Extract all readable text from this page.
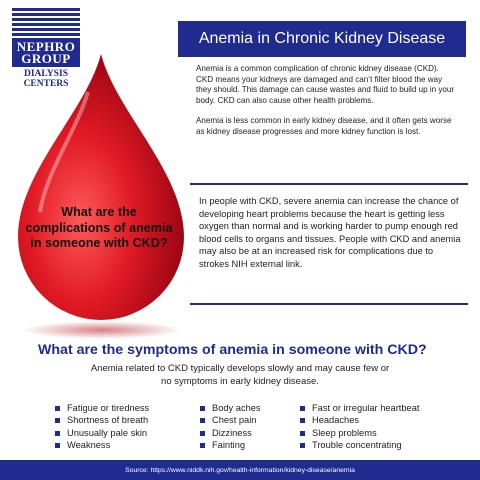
NEPHRO GROUP
DIALYSIS CENTERS
Anemia in Chronic Kidney Disease

Anemia is a common complication of chronic kidney disease (CKD). CKD means your kidneys are damaged and can’t filter blood the way they should. This damage can cause wastes and fluid to build up in your body. CKD can also cause other health problems.

Anemia is less common in early kidney disease, and it often gets worse as kidney disease progresses and more kidney function is lost.

What are the complications of anemia in someone with CKD?
In people with CKD, severe anemia can increase the chance of developing heart problems because the heart is getting less oxygen than normal and is working harder to pump enough red blood cells to organs and tissues. People with CKD and anemia may also be at an increased risk for complications due to strokes NIH external link.
What are the symptoms of anemia in someone with CKD?
Anemia related to CKD typically develops slowly and may cause few or no symptoms in early kidney disease.
Fatigue or tiredness
Shortness of breath
Unusually pale skin
Weakness
Body aches
Chest pain
Dizziness
Fainting
Fast or irregular heartbeat
Headaches
Sleep problems
Trouble concentrating
Source: https://www.niddk.nih.gov/health-information/kidney-disease/anemia
